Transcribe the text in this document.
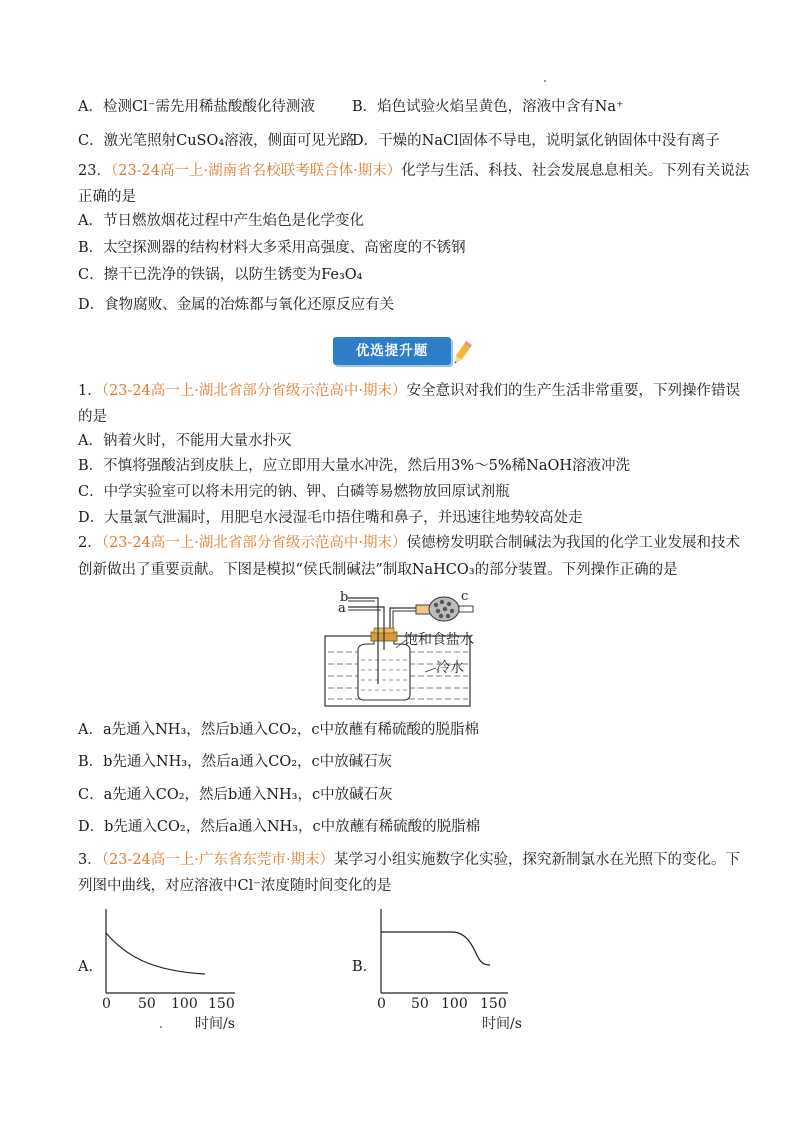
A．检测Cl⁻需先用稀盐酸酸化待测液	B．焰色试验火焰呈黄色，溶液中含有Na⁺
C．激光笔照射CuSO₄溶液，侧面可见光路
D．干燥的NaCl固体不导电，说明氯化钠固体中没有离子
23．（23-24高一上·湖南省名校联考联合体·期末）化学与生活、科技、社会发展息息相关。下列有关说法
正确的是
A．节日燃放烟花过程中产生焰色是化学变化
B．太空探测器的结构材料大多采用高强度、高密度的不锈钢
C．擦干已洗净的铁锅，以防生锈变为Fe₃O₄
D．食物腐败、金属的冶炼都与氧化还原反应有关
优选提升题
1．（23-24高一上·湖北省部分省级示范高中·期末）安全意识对我们的生产生活非常重要，下列操作错误
的是
A．钠着火时，不能用大量水扑灭
B．不慎将强酸沾到皮肤上，应立即用大量水冲洗，然后用3%～5%稀NaOH溶液冲洗
C．中学实验室可以将未用完的钠、钾、白磷等易燃物放回原试剂瓶
D．大量氯气泄漏时，用肥皂水浸湿毛巾捂住嘴和鼻子，并迅速往地势较高处走
2．（23-24高一上·湖北省部分省级示范高中·期末）侯德榜发明联合制碱法为我国的化学工业发展和技术
创新做出了重要贡献。下图是模拟“侯氏制碱法”制取NaHCO₃的部分装置。下列操作正确的是
b
a
c
饱和食盐水
冷水
A．a先通入NH₃，然后b通入CO₂，c中放蘸有稀硫酸的脱脂棉
B．b先通入NH₃，然后a通入CO₂，c中放碱石灰
C．a先通入CO₂，然后b通入NH₃，c中放碱石灰
D．b先通入CO₂，然后a通入NH₃，c中放蘸有稀硫酸的脱脂棉
3．（23-24高一上·广东省东莞市·期末）某学习小组实施数字化实验，探究新制氯水在光照下的变化。下
列图中曲线，对应溶液中Cl⁻浓度随时间变化的是
A．
0 50 100 150
时间/s
B．
0 50 100 150
时间/s
